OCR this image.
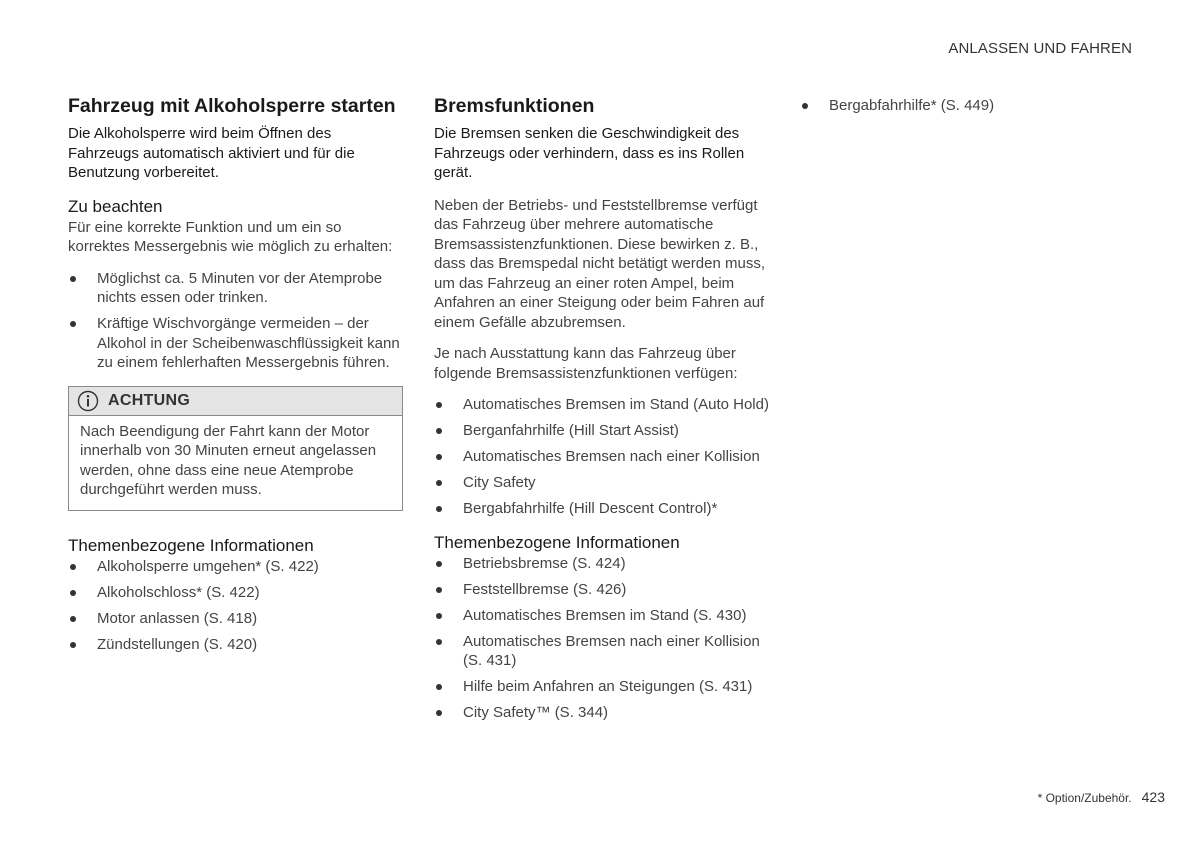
ANLASSEN UND FAHREN
Fahrzeug mit Alkoholsperre starten

Die Alkoholsperre wird beim Öffnen des Fahrzeugs automatisch aktiviert und für die Benutzung vorbereitet.

Zu beachten

Für eine korrekte Funktion und um ein so korrektes Messergebnis wie möglich zu erhalten:

Möglichst ca. 5 Minuten vor der Atemprobe nichts essen oder trinken.
Kräftige Wischvorgänge vermeiden – der Alkohol in der Scheibenwaschflüssigkeit kann zu einem fehlerhaften Messergebnis führen.
ACHTUNG
Nach Beendigung der Fahrt kann der Motor innerhalb von 30 Minuten erneut angelassen werden, ohne dass eine neue Atemprobe durchgeführt werden muss.
Themenbezogene Informationen
Alkoholsperre umgehen* (S. 422)
Alkoholschloss* (S. 422)
Motor anlassen (S. 418)
Zündstellungen (S. 420)
Bremsfunktionen

Die Bremsen senken die Geschwindigkeit des Fahrzeugs oder verhindern, dass es ins Rollen gerät.

Neben der Betriebs- und Feststellbremse verfügt das Fahrzeug über mehrere automatische Bremsassistenzfunktionen. Diese bewirken z. B., dass das Bremspedal nicht betätigt werden muss, um das Fahrzeug an einer roten Ampel, beim Anfahren an einer Steigung oder beim Fahren auf einem Gefälle abzubremsen.

Je nach Ausstattung kann das Fahrzeug über folgende Bremsassistenzfunktionen verfügen:

Automatisches Bremsen im Stand (Auto Hold)
Berganfahrhilfe (Hill Start Assist)
Automatisches Bremsen nach einer Kollision
City Safety
Bergabfahrhilfe (Hill Descent Control)*
Themenbezogene Informationen
Betriebsbremse (S. 424)
Feststellbremse (S. 426)
Automatisches Bremsen im Stand (S. 430)
Automatisches Bremsen nach einer Kollision (S. 431)
Hilfe beim Anfahren an Steigungen (S. 431)
City Safety™ (S. 344)
Bergabfahrhilfe* (S. 449)
* Option/Zubehör. 423
